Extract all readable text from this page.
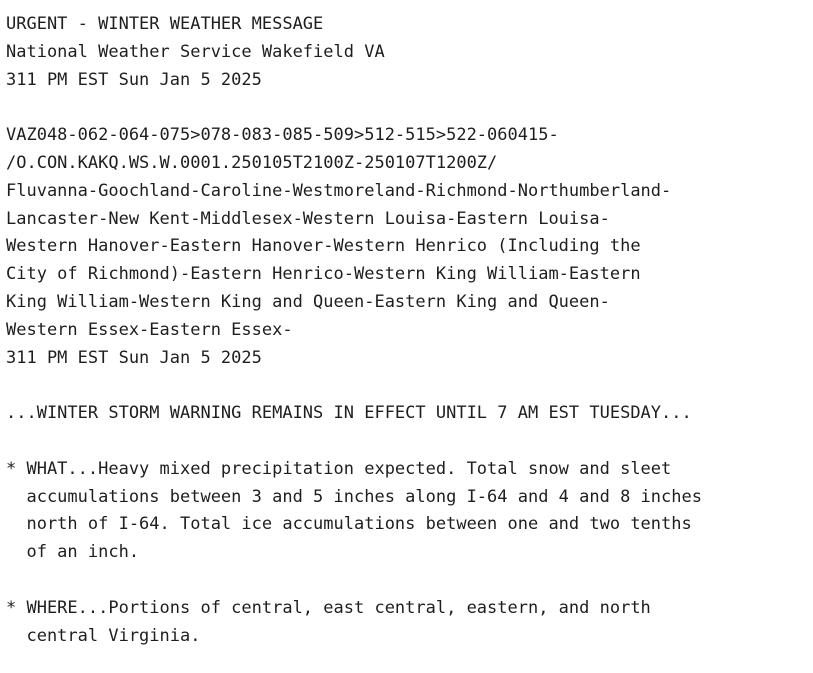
URGENT - WINTER WEATHER MESSAGE
National Weather Service Wakefield VA
311 PM EST Sun Jan 5 2025
VAZ048-062-064-075>078-083-085-509>512-515>522-060415-
/O.CON.KAKQ.WS.W.0001.250105T2100Z-250107T1200Z/
Fluvanna-Goochland-Caroline-Westmoreland-Richmond-Northumberland-
Lancaster-New Kent-Middlesex-Western Louisa-Eastern Louisa-
Western Hanover-Eastern Hanover-Western Henrico (Including the
City of Richmond)-Eastern Henrico-Western King William-Eastern
King William-Western King and Queen-Eastern King and Queen-
Western Essex-Eastern Essex-
311 PM EST Sun Jan 5 2025
...WINTER STORM WARNING REMAINS IN EFFECT UNTIL 7 AM EST TUESDAY...
* WHAT...Heavy mixed precipitation expected. Total snow and sleet
accumulations between 3 and 5 inches along I-64 and 4 and 8 inches
north of I-64. Total ice accumulations between one and two tenths
of an inch.
* WHERE...Portions of central, east central, eastern, and north
central Virginia.
